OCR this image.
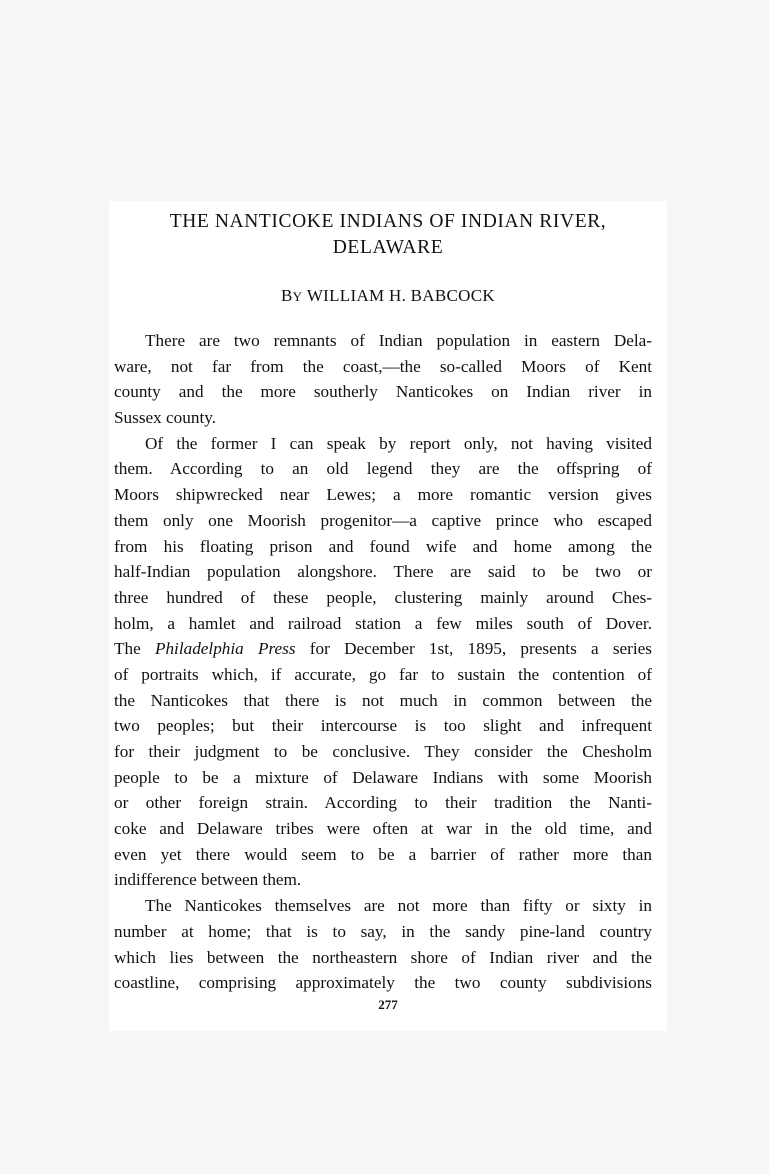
THE NANTICOKE INDIANS OF INDIAN RIVER,
DELAWARE
BY WILLIAM H. BABCOCK
There are two remnants of Indian population in eastern Dela-
ware, not far from the coast,—the so-called Moors of Kent
county and the more southerly Nanticokes on Indian river in
Sussex county.
Of the former I can speak by report only, not having visited
them. According to an old legend they are the offspring of
Moors shipwrecked near Lewes; a more romantic version gives
them only one Moorish progenitor—a captive prince who escaped
from his floating prison and found wife and home among the
half-Indian population alongshore. There are said to be two or
three hundred of these people, clustering mainly around Ches-
holm, a hamlet and railroad station a few miles south of Dover.
The Philadelphia Press for December 1st, 1895, presents a series
of portraits which, if accurate, go far to sustain the contention of
the Nanticokes that there is not much in common between the
two peoples; but their intercourse is too slight and infrequent
for their judgment to be conclusive. They consider the Chesholm
people to be a mixture of Delaware Indians with some Moorish
or other foreign strain. According to their tradition the Nanti-
coke and Delaware tribes were often at war in the old time, and
even yet there would seem to be a barrier of rather more than
indifference between them.
The Nanticokes themselves are not more than fifty or sixty in
number at home; that is to say, in the sandy pine-land country
which lies between the northeastern shore of Indian river and the
coastline, comprising approximately the two county subdivisions
277
